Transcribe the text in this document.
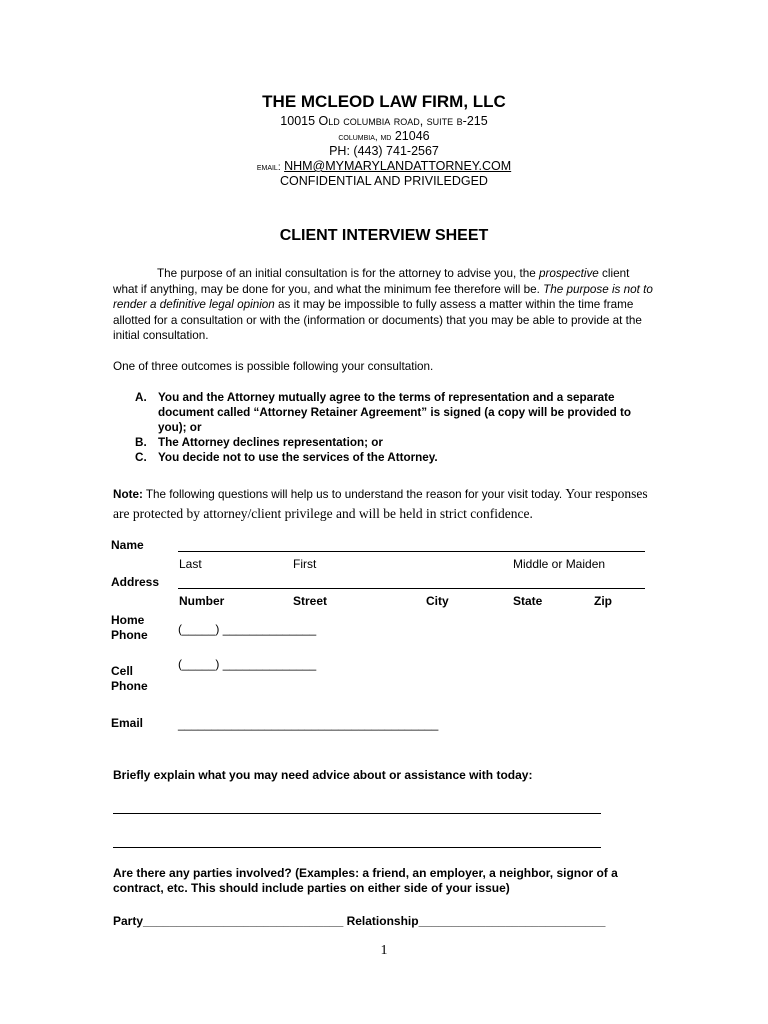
THE MCLEOD LAW FIRM, LLC
10015 Old columbia road, suite b-215
columbia, md 21046
PH: (443) 741-2567
email: NHM@MYMARYLANDATTORNEY.COM
CONFIDENTIAL AND PRIVILEDGED
CLIENT INTERVIEW SHEET
The purpose of an initial consultation is for the attorney to advise you, the prospective client what if anything, may be done for you, and what the minimum fee therefore will be. The purpose is not to render a definitive legal opinion as it may be impossible to fully assess a matter within the time frame allotted for a consultation or with the (information or documents) that you may be able to provide at the initial consultation.
One of three outcomes is possible following your consultation.
A. You and the Attorney mutually agree to the terms of representation and a separate document called “Attorney Retainer Agreement” is signed (a copy will be provided to you); or
B. The Attorney declines representation; or
C. You decide not to use the services of the Attorney.
Note: The following questions will help us to understand the reason for your visit today. Your responses are protected by attorney/client privilege and will be held in strict confidence.
Name
Last	First	Middle or Maiden
Address
Number	Street	City	State	Zip
Home
Phone	(_____) ______________
Cell
Phone
(_____) ______________
Email	_______________________________________
Briefly explain what you may need advice about or assistance with today:
Are there any parties involved? (Examples: a friend, an employer, a neighbor, signor of a contract, etc. This should include parties on either side of your issue)
Party______________________________ Relationship____________________________
1
